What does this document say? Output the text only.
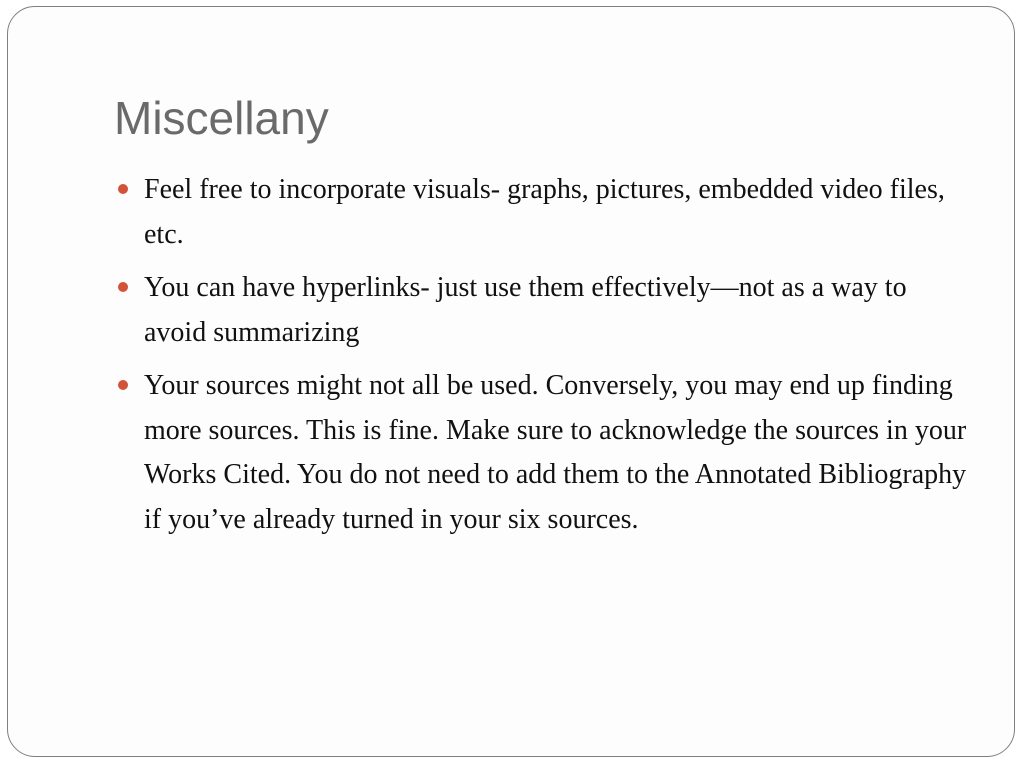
Miscellany
Feel free to incorporate visuals- graphs, pictures, embedded video files, etc.
You can have hyperlinks- just use them effectively—not as a way to avoid summarizing
Your sources might not all be used. Conversely, you may end up finding more sources. This is fine. Make sure to acknowledge the sources in your Works Cited. You do not need to add them to the Annotated Bibliography if you’ve already turned in your six sources.
